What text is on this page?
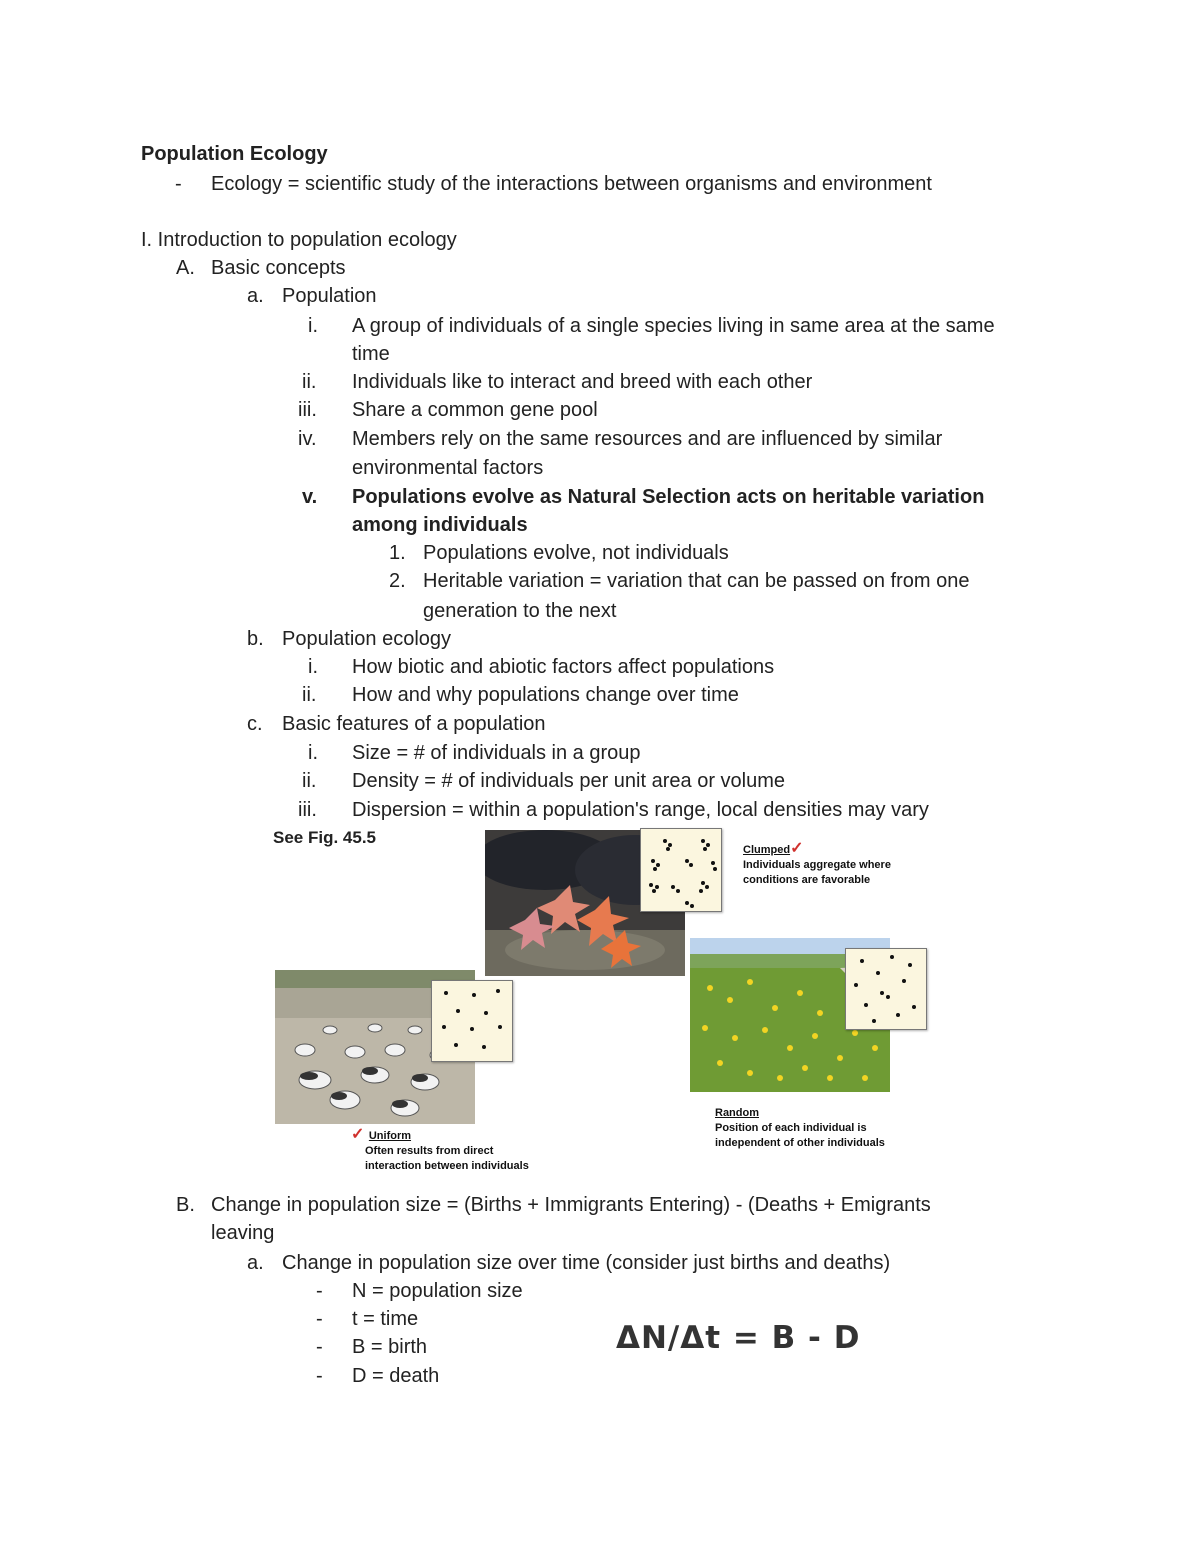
Population Ecology
- Ecology = scientific study of the interactions between organisms and environment
I. Introduction to population ecology
A. Basic concepts
a. Population
i. A group of individuals of a single species living in same area at the same
time
ii. Individuals like to interact and breed with each other
iii. Share a common gene pool
iv. Members rely on the same resources and are influenced by similar
environmental factors
v. Populations evolve as Natural Selection acts on heritable variation
among individuals
1. Populations evolve, not individuals
2. Heritable variation = variation that can be passed on from one
generation to the next
b. Population ecology
i. How biotic and abiotic factors affect populations
ii. How and why populations change over time
c. Basic features of a population
i. Size = # of individuals in a group
ii. Density = # of individuals per unit area or volume
iii. Dispersion = within a population's range, local densities may vary
See Fig. 45.5
Clumped✓
Individuals aggregate where
conditions are favorable
✓ Uniform
Often results from direct
interaction between individuals
Random
Position of each individual is
independent of other individuals
B. Change in population size = (Births + Immigrants Entering) - (Deaths + Emigrants
leaving
a. Change in population size over time (consider just births and deaths)
- N = population size
- t = time
- B = birth
- D = death
ΔN/Δt = B - D
